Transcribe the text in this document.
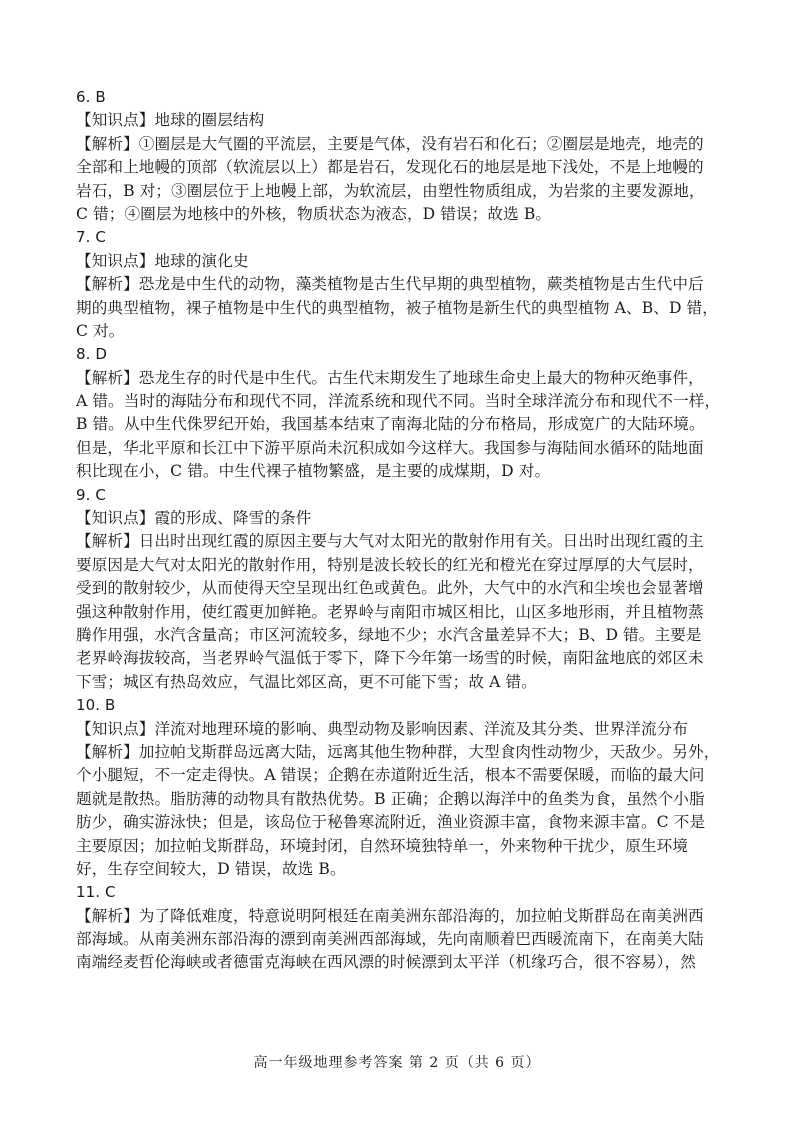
6. B
【知识点】地球的圈层结构
【解析】①圈层是大气圈的平流层，主要是气体，没有岩石和化石；②圈层是地壳，地壳的
全部和上地幔的顶部（软流层以上）都是岩石，发现化石的地层是地下浅处，不是上地幔的
岩石，B 对；③圈层位于上地幔上部，为软流层，由塑性物质组成，为岩浆的主要发源地，
C 错；④圈层为地核中的外核，物质状态为液态，D 错误；故选 B。
7. C
【知识点】地球的演化史
【解析】恐龙是中生代的动物，藻类植物是古生代早期的典型植物，蕨类植物是古生代中后
期的典型植物，裸子植物是中生代的典型植物，被子植物是新生代的典型植物 A、B、D 错，
C 对。
8. D
【解析】恐龙生存的时代是中生代。古生代末期发生了地球生命史上最大的物种灭绝事件，
A 错。当时的海陆分布和现代不同，洋流系统和现代不同。当时全球洋流分布和现代不一样，
B 错。从中生代侏罗纪开始，我国基本结束了南海北陆的分布格局，形成宽广的大陆环境。
但是，华北平原和长江中下游平原尚未沉积成如今这样大。我国参与海陆间水循环的陆地面
积比现在小，C 错。中生代裸子植物繁盛，是主要的成煤期，D 对。
9. C
【知识点】霞的形成、降雪的条件
【解析】日出时出现红霞的原因主要与大气对太阳光的散射作用有关。日出时出现红霞的主
要原因是大气对太阳光的散射作用，特别是波长较长的红光和橙光在穿过厚厚的大气层时，
受到的散射较少，从而使得天空呈现出红色或黄色。此外，大气中的水汽和尘埃也会显著增
强这种散射作用，使红霞更加鲜艳。老界岭与南阳市城区相比，山区多地形雨，并且植物蒸
腾作用强，水汽含量高；市区河流较多，绿地不少；水汽含量差异不大；B、D 错。主要是
老界岭海拔较高，当老界岭气温低于零下，降下今年第一场雪的时候，南阳盆地底的郊区未
下雪；城区有热岛效应，气温比郊区高，更不可能下雪；故 A 错。
10. B
【知识点】洋流对地理环境的影响、典型动物及影响因素、洋流及其分类、世界洋流分布
【解析】加拉帕戈斯群岛远离大陆，远离其他生物种群，大型食肉性动物少，天敌少。另外，
个小腿短，不一定走得快。A 错误；企鹅在赤道附近生活，根本不需要保暖，而临的最大问
题就是散热。脂肪薄的动物具有散热优势。B 正确；企鹅以海洋中的鱼类为食，虽然个小脂
肪少，确实游泳快；但是，该岛位于秘鲁寒流附近，渔业资源丰富，食物来源丰富。C 不是
主要原因；加拉帕戈斯群岛，环境封闭，自然环境独特单一，外来物种干扰少，原生环境
好，生存空间较大，D 错误，故选 B。
11. C
【解析】为了降低难度，特意说明阿根廷在南美洲东部沿海的，加拉帕戈斯群岛在南美洲西
部海域。从南美洲东部沿海的漂到南美洲西部海域，先向南顺着巴西暖流南下，在南美大陆
南端经麦哲伦海峡或者德雷克海峡在西风漂的时候漂到太平洋（机缘巧合，很不容易），然
高一年级地理参考答案 第 2 页（共 6 页）
